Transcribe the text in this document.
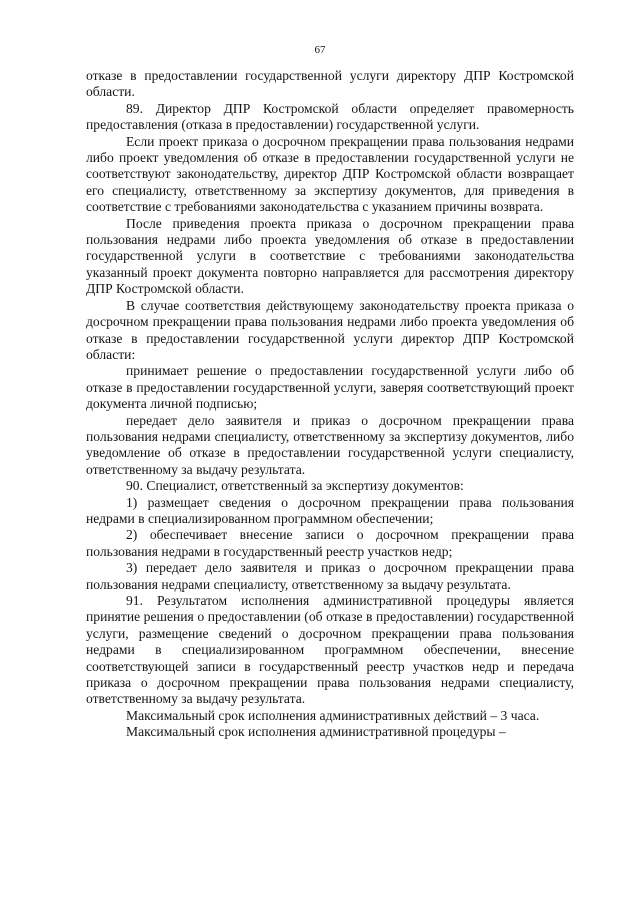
67

отказе в предоставлении государственной услуги директору ДПР Костромской области.

89. Директор ДПР Костромской области определяет правомерность предоставления (отказа в предоставлении) государственной услуги.

Если проект приказа о досрочном прекращении права пользования недрами либо проект уведомления об отказе в предоставлении государственной услуги не соответствуют законодательству, директор ДПР Костромской области возвращает его специалисту, ответственному за экспертизу документов, для приведения в соответствие с требованиями законодательства с указанием причины возврата.

После приведения проекта приказа о досрочном прекращении права пользования недрами либо проекта уведомления об отказе в предоставлении государственной услуги в соответствие с требованиями законодательства указанный проект документа повторно направляется для рассмотрения директору ДПР Костромской области.

В случае соответствия действующему законодательству проекта приказа о досрочном прекращении права пользования недрами либо проекта уведомления об отказе в предоставлении государственной услуги директор ДПР Костромской области:

принимает решение о предоставлении государственной услуги либо об отказе в предоставлении государственной услуги, заверяя соответствующий проект документа личной подписью;

передает дело заявителя и приказ о досрочном прекращении права пользования недрами специалисту, ответственному за экспертизу документов, либо уведомление об отказе в предоставлении государственной услуги специалисту, ответственному за выдачу результата.

90. Специалист, ответственный за экспертизу документов:

1) размещает сведения о досрочном прекращении права пользования недрами в специализированном программном обеспечении;

2) обеспечивает внесение записи о досрочном прекращении права пользования недрами в государственный реестр участков недр;

3) передает дело заявителя и приказ о досрочном прекращении права пользования недрами специалисту, ответственному за выдачу результата.

91. Результатом исполнения административной процедуры является принятие решения о предоставлении (об отказе в предоставлении) государственной услуги, размещение сведений о досрочном прекращении права пользования недрами в специализированном программном обеспечении, внесение соответствующей записи в государственный реестр участков недр и передача приказа о досрочном прекращении права пользования недрами специалисту, ответственному за выдачу результата.

Максимальный срок исполнения административных действий – 3 часа.

Максимальный срок исполнения административной процедуры –
